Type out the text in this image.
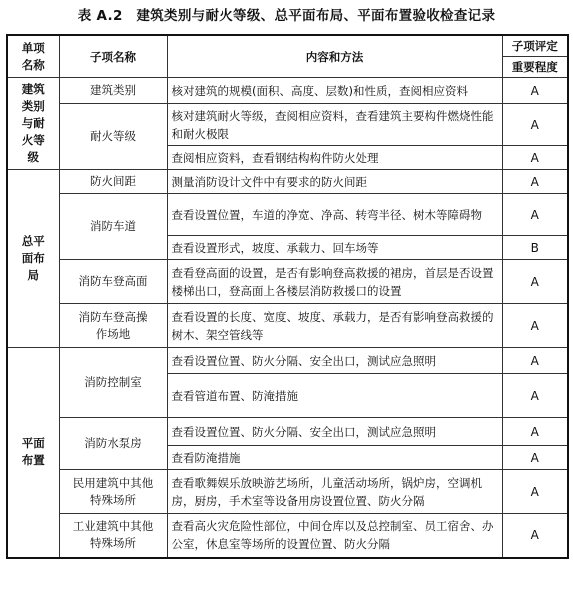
表 A.2　建筑类别与耐火等级、总平面布局、平面布置验收检查记录
单项名称	子项名称	内容和方法	子项评定
重要程度

建筑类别与耐火等级	建筑类别	核对建筑的规模(面积、高度、层数)和性质，查阅相应资料	A
	耐火等级	核对建筑耐火等级，查阅相应资料，查看建筑主要构件燃烧性能和耐火极限	A
		查阅相应资料，查看钢结构构件防火处理	A
总平面布局	防火间距	测量消防设计文件中有要求的防火间距	A
	消防车道	查看设置位置，车道的净宽、净高、转弯半径、树木等障碍物	A
		查看设置形式，坡度、承载力、回车场等	B
	消防车登高面	查看登高面的设置，是否有影响登高救援的裙房，首层是否设置楼梯出口，登高面上各楼层消防救援口的设置	A
	消防车登高操作场地	查看设置的长度、宽度、坡度、承载力，是否有影响登高救援的树木、架空管线等	A
平面布置	消防控制室	查看设置位置、防火分隔、安全出口，测试应急照明	A
		查看管道布置、防淹措施	A
	消防水泵房	查看设置位置、防火分隔、安全出口，测试应急照明	A
		查看防淹措施	A
	民用建筑中其他特殊场所	查看歌舞娱乐放映游艺场所，儿童活动场所，锅炉房，空调机房，厨房，手术室等设备用房设置位置、防火分隔	A
	工业建筑中其他特殊场所	查看高火灾危险性部位，中间仓库以及总控制室、员工宿舍、办公室，休息室等场所的设置位置、防火分隔	A
